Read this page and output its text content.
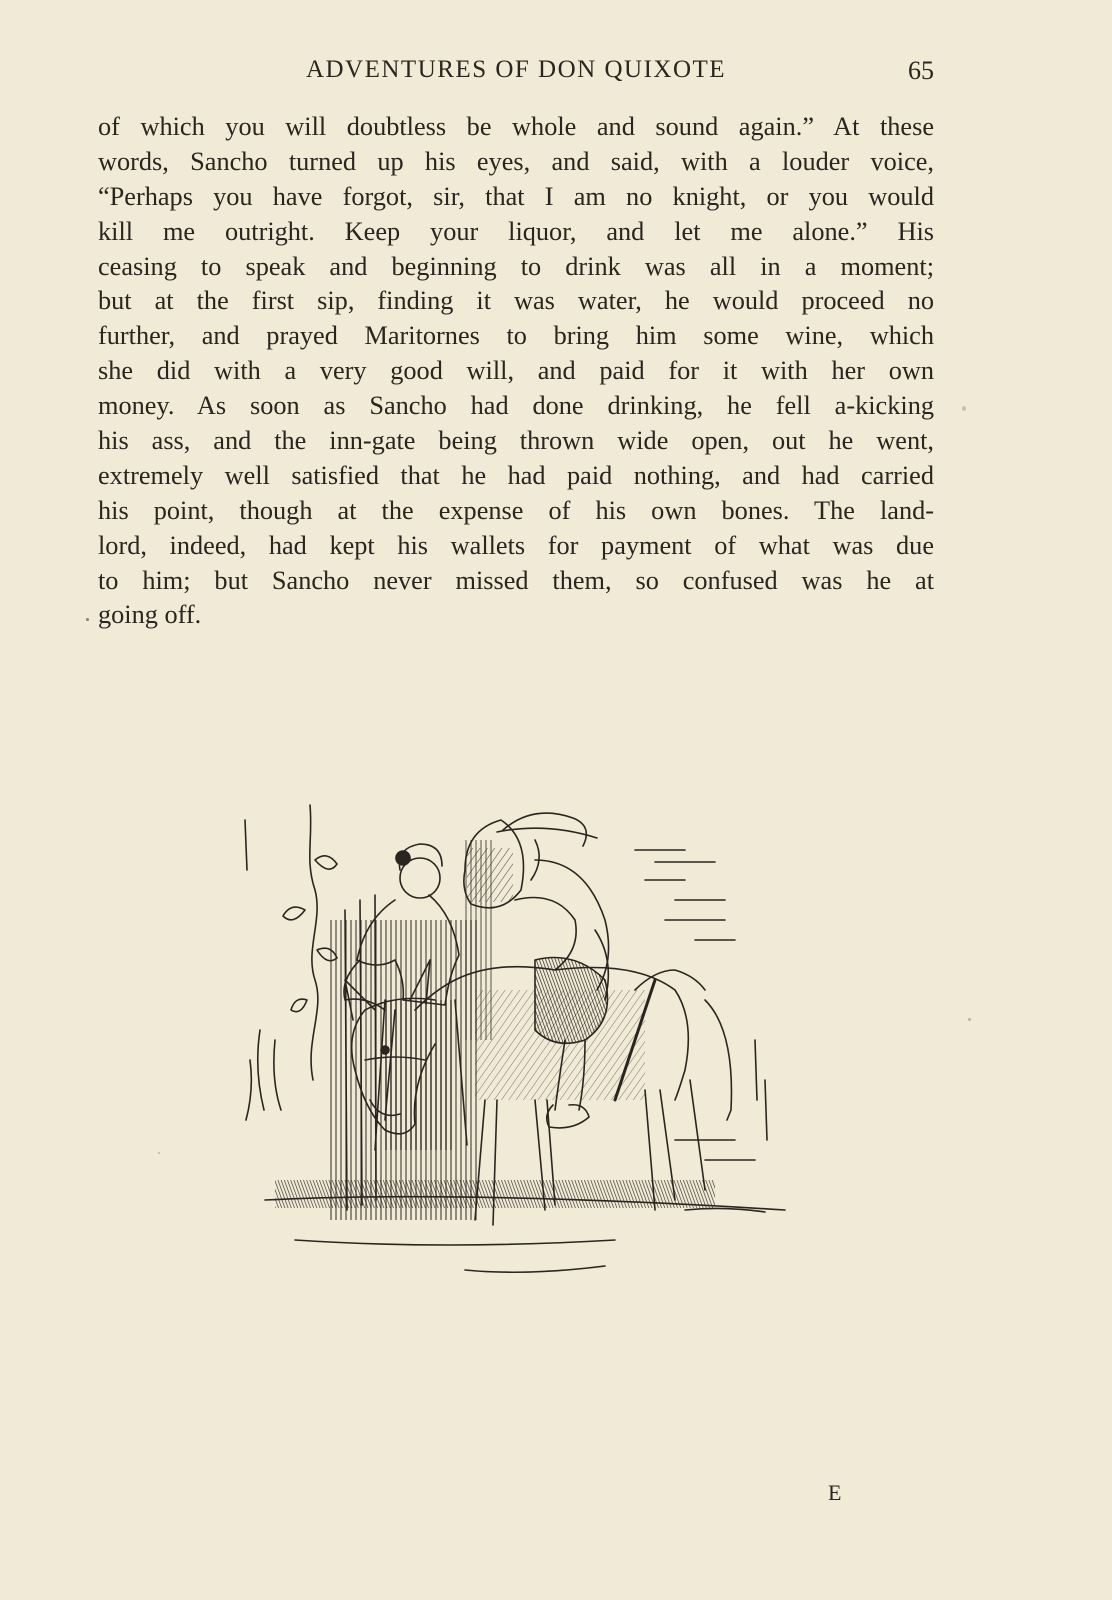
ADVENTURES OF DON QUIXOTE	65
of which you will doubtless be whole and sound again.” At these
words, Sancho turned up his eyes, and said, with a louder voice,
“Perhaps you have forgot, sir, that I am no knight, or you would
kill me outright. Keep your liquor, and let me alone.” His
ceasing to speak and beginning to drink was all in a moment;
but at the first sip, finding it was water, he would proceed no
further, and prayed Maritornes to bring him some wine, which
she did with a very good will, and paid for it with her own
money. As soon as Sancho had done drinking, he fell a-kicking
his ass, and the inn-gate being thrown wide open, out he went,
extremely well satisfied that he had paid nothing, and had carried
his point, though at the expense of his own bones. The land-
lord, indeed, had kept his wallets for payment of what was due
to him; but Sancho never missed them, so confused was he at
going off.
E
